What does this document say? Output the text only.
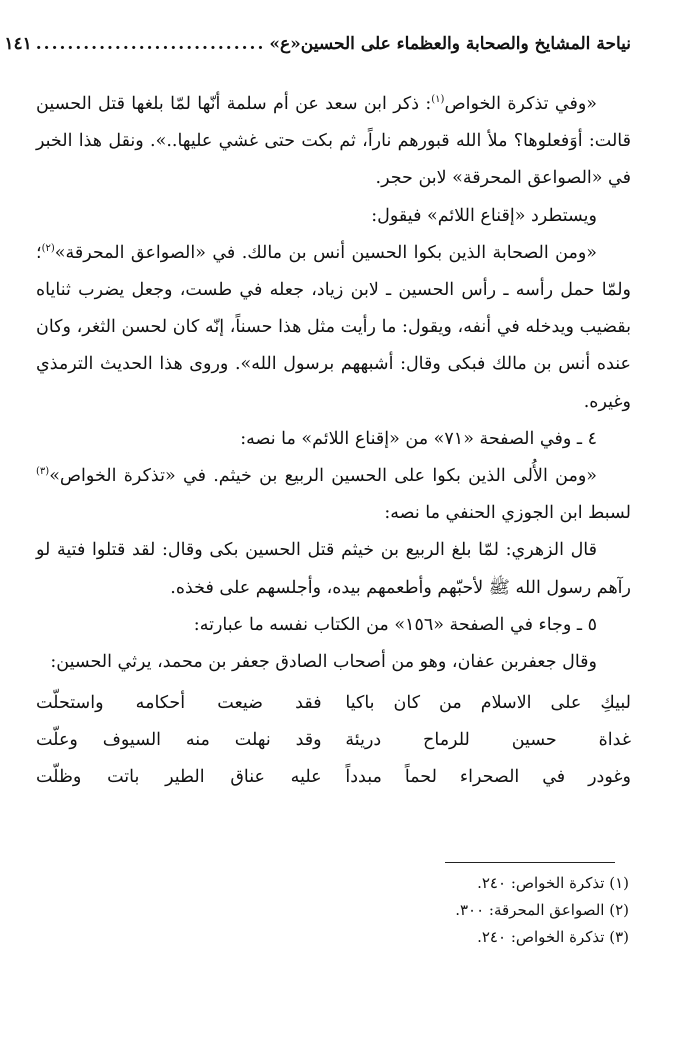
نياحة المشايخ والصحابة والعظماء على الحسين«ع»
.............................
١٤١

«وفي تذكرة الخواص$^{(١)}$: ذكر ابن سعد عن أم سلمة أنّها لمّا بلغها قتل الحسين قالت: أوَفعلوها؟ ملأ الله قبورهم ناراً، ثم بكت حتى غشي عليها..». ونقل هذا الخبر في «الصواعق المحرقة» لابن حجر.

ويستطرد «إقناع اللائم» فيقول:

«ومن الصحابة الذين بكوا الحسين أنس بن مالك. في «الصواعق المحرقة»$^{(٢)}$؛ ولمّا حمل رأسه ـ رأس الحسين ـ لابن زياد، جعله في طست، وجعل يضرب ثناياه بقضيب ويدخله في أنفه، ويقول: ما رأيت مثل هذا حسناً، إنّه كان لحسن الثغر، وكان عنده أنس بن مالك فبكى وقال: أشبههم برسول الله». وروى هذا الحديث الترمذي وغيره.

٤ ـ وفي الصفحة «٧١» من «إقناع اللائم» ما نصه:

«ومن الأُلى الذين بكوا على الحسين الربيع بن خيثم. في «تذكرة الخواص»$^{(٣)}$ لسبط ابن الجوزي الحنفي ما نصه:

قال الزهري: لمّا بلغ الربيع بن خيثم قتل الحسين بكى وقال: لقد قتلوا فتية لو رآهم رسول الله ﷺ لأحبّهم وأطعمهم بيده، وأجلسهم على فخذه.

٥ ـ وجاء في الصفحة «١٥٦» من الكتاب نفسه ما عبارته:

وقال جعفربن عفان، وهو من أصحاب الصادق جعفر بن محمد، يرثي الحسين:

لبيكِ على الاسلام من كان باكيا
فقد ضيعت أحكامه واستحلّت
غداة حسين للرماح دريئة
وقد نهلت منه السيوف وعلّت
وغودر في الصحراء لحماً مبدداً
عليه عناق الطير باتت وظلّت
(١) تذكرة الخواص: ٢٤٠.
(٢) الصواعق المحرقة: ٣٠٠.
(٣) تذكرة الخواص: ٢٤٠.
